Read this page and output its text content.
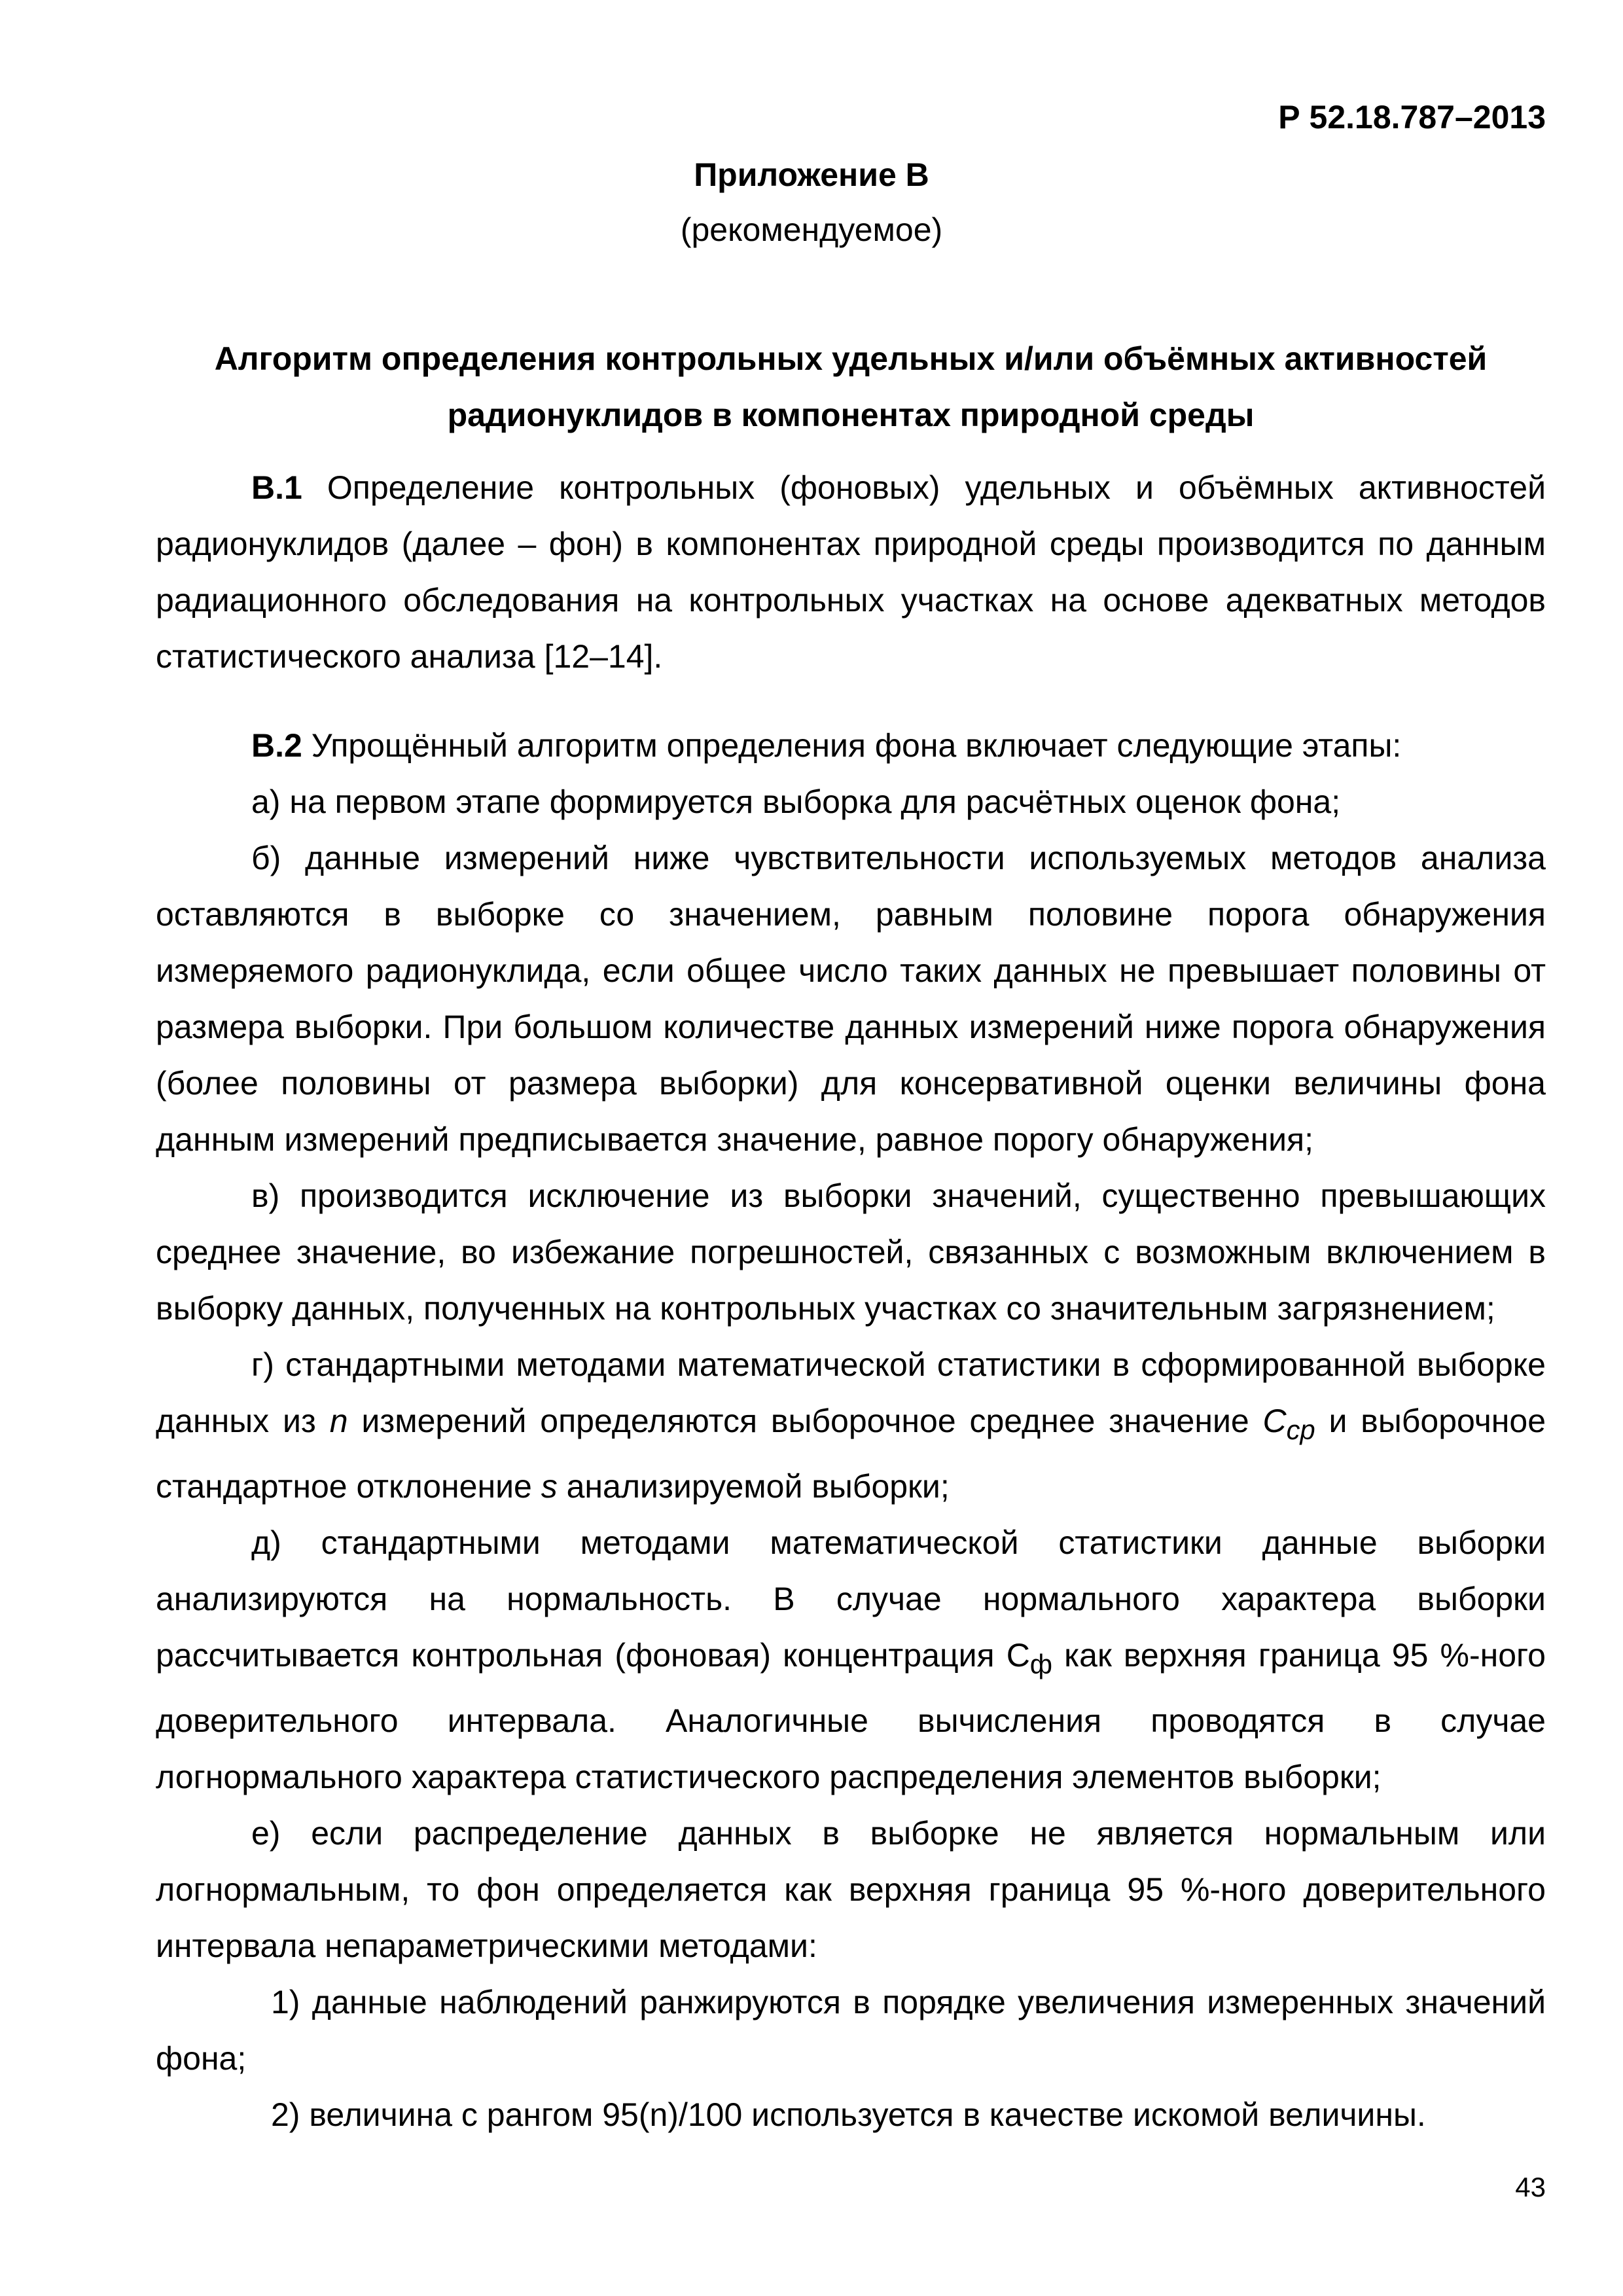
Р 52.18.787–2013
Приложение В
(рекомендуемое)
Алгоритм определения контрольных удельных и/или объёмных активностей
радионуклидов в компонентах природной среды

В.1 Определение контрольных (фоновых) удельных и объёмных активностей радионуклидов (далее – фон) в компонентах природной среды производится по данным радиационного обследования на контрольных участках на основе адекватных методов статистического анализа [12–14].

В.2 Упрощённый алгоритм определения фона включает следующие этапы:

а) на первом этапе формируется выборка для расчётных оценок фона;

б) данные измерений ниже чувствительности используемых методов анализа оставляются в выборке со значением, равным половине порога обнаружения измеряемого радионуклида, если общее число таких данных не превышает половины от размера выборки. При большом количестве данных измерений ниже порога обнаружения (более половины от размера выборки) для консервативной оценки величины фона данным измерений предписывается значение, равное порогу обнаружения;

в) производится исключение из выборки значений, существенно превышающих среднее значение, во избежание погрешностей, связанных с возможным включением в выборку данных, полученных на контрольных участках со значительным загрязнением;

г) стандартными методами математической статистики в сформированной выборке данных из n измерений определяются выборочное среднее значение $C_{ср}$ и выборочное стандартное отклонение s анализируемой выборки;

д) стандартными методами математической статистики данные выборки анализируются на нормальность. В случае нормального характера выборки рассчитывается контрольная (фоновая) концентрация $С_ф$ как верхняя граница 95 %-ного доверительного интервала. Аналогичные вычисления проводятся в случае логнормального характера статистического распределения элементов выборки;

е) если распределение данных в выборке не является нормальным или логнормальным, то фон определяется как верхняя граница 95 %-ного доверительного интервала непараметрическими методами:

1) данные наблюдений ранжируются в порядке увеличения измеренных значений фона;

2) величина с рангом 95(n)/100 используется в качестве искомой величины.

43
